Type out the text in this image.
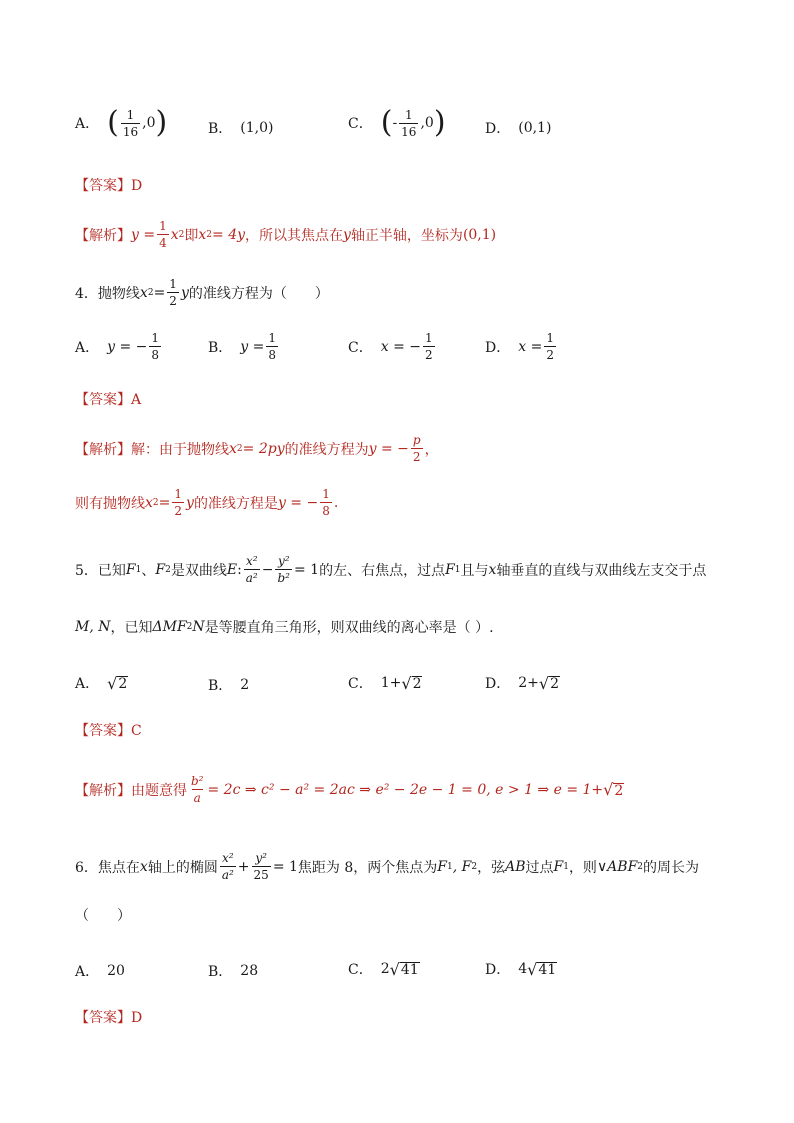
A． ( $\frac{1}{16} ,0$ )	B． (1,0)	C． ( - $\frac{1}{16} ,0$ )	D． (0,1)
【答案】D
【解析】 $y = \frac{1}{4}$ x 2 即 x 2 = 4y ，所以其焦点在 y 轴正半轴，坐标为 (0,1)
4．抛物线 x $2 = \frac{1}{2}$ y 的准线方程为（　　）
A． y = − $\frac{1}{8}$	B． $y = \frac{1}{8}$	C． x = − $\frac{1}{2}$	D． $x = \frac{1}{2}$
【答案】A
【解析】 解：由于抛物线 x 2 = 2py 的准线方程为 y = − $\frac{p}{2}$ ，
则有抛物线 x $2 = \frac{1}{2}$ y 的准线方程是 y = − $\frac{1}{8}$ .
5．已知 F 1 、 F 2 是双曲线 E : $\frac{\text{x²}}{\text{a²}} - \frac{\text{y²}}{\text{b²}} = 1$ 的左、右焦点，过点 F 1 且与 x 轴垂直的直线与双曲线左支交于点
M, N ，已知 ΔMF 2 N 是等腰直角三角形，则双曲线的离心率是（ ）.
A． √ 2	B． 2	C． 1+ √ 2	D． 2+ √ 2
【答案】C
【解析】 由题意得 $\frac{\text{b²}}{a} = 2c$ ⇒ c² − a² = 2ac ⇒ e² − 2e − 1 = 0, e > 1 ⇒ e = 1+ √ 2
6．焦点在 x 轴上的椭圆 $\frac{\text{x²}}{\text{a²}} + \frac{\text{y²}}{25} = 1$ 焦距为 8，两个焦点为 F 1 , F 2 ，弦 AB 过点 F 1 ，则 ∨ABF 2 的周长为
（　　）
A． 20	B． 28	C． 2 √ 41	D． 4 √ 41
【答案】D
